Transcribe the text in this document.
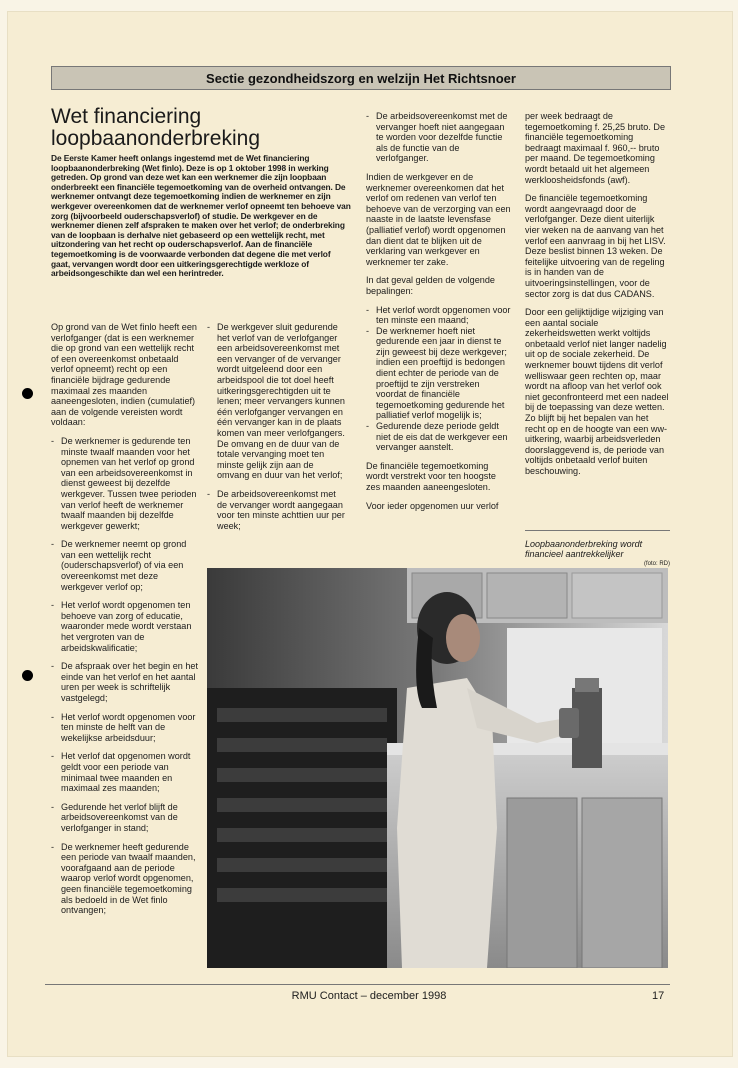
Sectie gezondheidszorg en welzijn Het Richtsnoer
Wet financiering
loopbaanonderbreking
De Eerste Kamer heeft onlangs ingestemd met de Wet financiering loopbaanonderbreking (Wet finlo). Deze is op 1 oktober 1998 in werking getreden. Op grond van deze wet kan een werknemer die zijn loopbaan onderbreekt een financiële tegemoetkoming van de overheid ontvangen. De werknemer ontvangt deze tegemoetkoming indien de werknemer en zijn werkgever overeenkomen dat de werknemer verlof opneemt ten behoeve van zorg (bijvoorbeeld ouderschapsverlof) of studie. De werkgever en de werknemer dienen zelf afspraken te maken over het verlof; de onderbreking van de loopbaan is derhalve niet gebaseerd op een wettelijk recht, met uitzondering van het recht op ouderschapsverlof. Aan de financiële tegemoetkoming is de voorwaarde verbonden dat degene die met verlof gaat, vervangen wordt door een uitkeringsgerechtigde werkloze of arbeidsongeschikte dan wel een herintreder.

Op grond van de Wet finlo heeft een verlofganger (dat is een werknemer die op grond van een wettelijk recht of een overeenkomst onbetaald verlof opneemt) recht op een financiële bijdrage gedurende maximaal zes maanden aaneengesloten, indien (cumulatief) aan de volgende vereisten wordt voldaan:

- De werknemer is gedurende ten minste twaalf maanden voor het opnemen van het verlof op grond van een arbeidsovereenkomst in dienst geweest bij dezelfde werkgever. Tussen twee perioden van verlof heeft de werknemer twaalf maanden bij dezelfde werkgever gewerkt;
- De werknemer neemt op grond van een wettelijk recht (ouderschapsverlof) of via een overeenkomst met deze werkgever verlof op;
- Het verlof wordt opgenomen ten behoeve van zorg of educatie, waaronder mede wordt verstaan het vergroten van de arbeidskwalificatie;
- De afspraak over het begin en het einde van het verlof en het aantal uren per week is schriftelijk vastgelegd;
- Het verlof wordt opgenomen voor ten minste de helft van de wekelijkse arbeidsduur;
- Het verlof dat opgenomen wordt geldt voor een periode van minimaal twee maanden en maximaal zes maanden;
- Gedurende het verlof blijft de arbeidsovereenkomst van de verlofganger in stand;
- De werknemer heeft gedurende een periode van twaalf maanden, voorafgaand aan de periode waarop verlof wordt opgenomen, geen financiële tegemoetkoming als bedoeld in de Wet finlo ontvangen;
- De werkgever sluit gedurende het verlof van de verlofganger een arbeidsovereenkomst met een vervanger of de vervanger wordt uitgeleend door een arbeidspool die tot doel heeft uitkeringsgerechtigden uit te lenen; meer vervangers kunnen één verlofganger vervangen en één vervanger kan in de plaats komen van meer verlofgangers. De omvang en de duur van de totale vervanging moet ten minste gelijk zijn aan de omvang en duur van het verlof;
- De arbeidsovereenkomst met de vervanger wordt aangegaan voor ten minste achttien uur per week;
- De arbeidsovereenkomst met de vervanger hoeft niet aangegaan te worden voor dezelfde functie als de functie van de verlofganger.

Indien de werkgever en de werknemer overeenkomen dat het verlof om redenen van verlof ten behoeve van de verzorging van een naaste in de laatste levensfase (palliatief verlof) wordt opgenomen dan dient dat te blijken uit de verklaring van werkgever en werknemer ter zake.

In dat geval gelden de volgende bepalingen:

- Het verlof wordt opgenomen voor ten minste een maand;
- De werknemer hoeft niet gedurende een jaar in dienst te zijn geweest bij deze werkgever; indien een proeftijd is bedongen dient echter de periode van de proeftijd te zijn verstreken voordat de financiële tegemoetkoming gedurende het palliatief verlof mogelijk is;
- Gedurende deze periode geldt niet de eis dat de werkgever een vervanger aanstelt.

De financiële tegemoetkoming wordt verstrekt voor ten hoogste zes maanden aaneengesloten.

Voor ieder opgenomen uur verlof

per week bedraagt de tegemoetkoming f. 25,25 bruto. De financiële tegemoetkoming bedraagt maximaal f. 960,-- bruto per maand. De tegemoetkoming wordt betaald uit het algemeen werkloosheidsfonds (awf).

De financiële tegemoetkoming wordt aangevraagd door de verlofganger. Deze dient uiterlijk vier weken na de aanvang van het verlof een aanvraag in bij het LISV. Deze beslist binnen 13 weken. De feitelijke uitvoering van de regeling is in handen van de uitvoeringsinstellingen, voor de sector zorg is dat dus CADANS.

Door een gelijktijdige wijziging van een aantal sociale zekerheidswetten werkt voltijds onbetaald verlof niet langer nadelig uit op de sociale zekerheid. De werknemer bouwt tijdens dit verlof welliswaar geen rechten op, maar wordt na afloop van het verlof ook niet geconfronteerd met een nadeel bij de toepassing van deze wetten. Zo blijft bij het bepalen van het recht op en de hoogte van een ww-uitkering, waarbij arbeidsverleden doorslaggevend is, de periode van voltijds onbetaald verlof buiten beschouwing.

Loopbaanonderbreking wordt financieel aantrekkelijker
(foto: RD)
RMU Contact – december 1998	17
